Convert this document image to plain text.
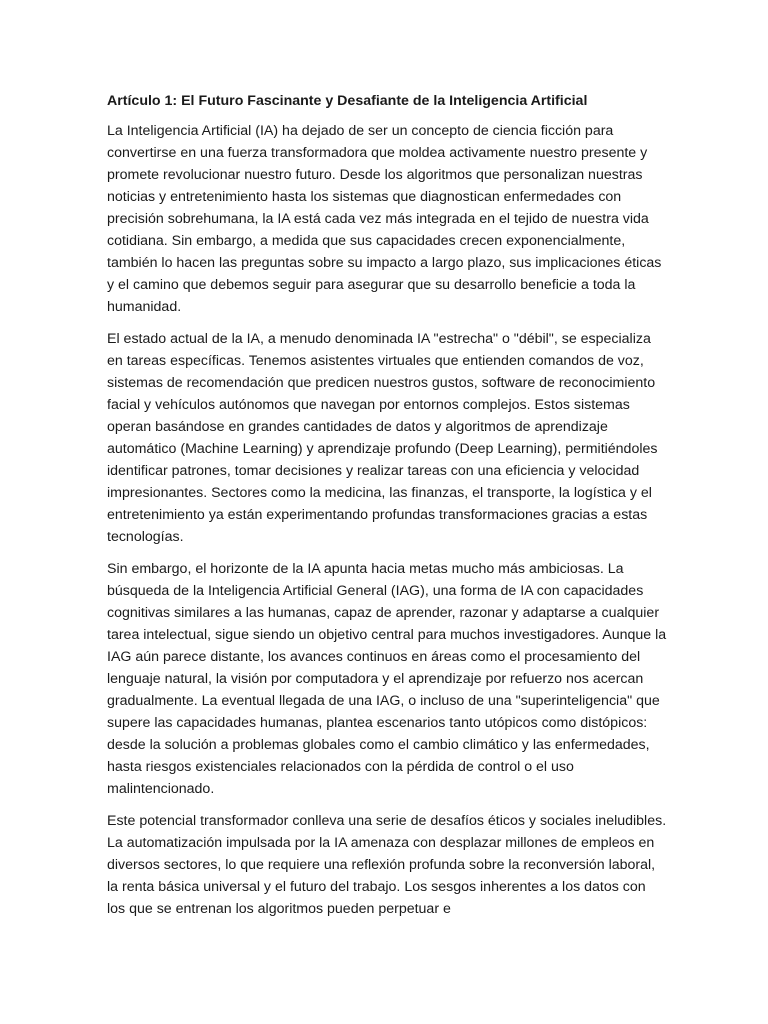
Artículo 1: El Futuro Fascinante y Desafiante de la Inteligencia Artificial

La Inteligencia Artificial (IA) ha dejado de ser un concepto de ciencia ficción para convertirse en una fuerza transformadora que moldea activamente nuestro presente y promete revolucionar nuestro futuro. Desde los algoritmos que personalizan nuestras noticias y entretenimiento hasta los sistemas que diagnostican enfermedades con precisión sobrehumana, la IA está cada vez más integrada en el tejido de nuestra vida cotidiana. Sin embargo, a medida que sus capacidades crecen exponencialmente, también lo hacen las preguntas sobre su impacto a largo plazo, sus implicaciones éticas y el camino que debemos seguir para asegurar que su desarrollo beneficie a toda la humanidad.

El estado actual de la IA, a menudo denominada IA "estrecha" o "débil", se especializa en tareas específicas. Tenemos asistentes virtuales que entienden comandos de voz, sistemas de recomendación que predicen nuestros gustos, software de reconocimiento facial y vehículos autónomos que navegan por entornos complejos. Estos sistemas operan basándose en grandes cantidades de datos y algoritmos de aprendizaje automático (Machine Learning) y aprendizaje profundo (Deep Learning), permitiéndoles identificar patrones, tomar decisiones y realizar tareas con una eficiencia y velocidad impresionantes. Sectores como la medicina, las finanzas, el transporte, la logística y el entretenimiento ya están experimentando profundas transformaciones gracias a estas tecnologías.

Sin embargo, el horizonte de la IA apunta hacia metas mucho más ambiciosas. La búsqueda de la Inteligencia Artificial General (IAG), una forma de IA con capacidades cognitivas similares a las humanas, capaz de aprender, razonar y adaptarse a cualquier tarea intelectual, sigue siendo un objetivo central para muchos investigadores. Aunque la IAG aún parece distante, los avances continuos en áreas como el procesamiento del lenguaje natural, la visión por computadora y el aprendizaje por refuerzo nos acercan gradualmente. La eventual llegada de una IAG, o incluso de una "superinteligencia" que supere las capacidades humanas, plantea escenarios tanto utópicos como distópicos: desde la solución a problemas globales como el cambio climático y las enfermedades, hasta riesgos existenciales relacionados con la pérdida de control o el uso malintencionado.

Este potencial transformador conlleva una serie de desafíos éticos y sociales ineludibles. La automatización impulsada por la IA amenaza con desplazar millones de empleos en diversos sectores, lo que requiere una reflexión profunda sobre la reconversión laboral, la renta básica universal y el futuro del trabajo. Los sesgos inherentes a los datos con los que se entrenan los algoritmos pueden perpetuar e
